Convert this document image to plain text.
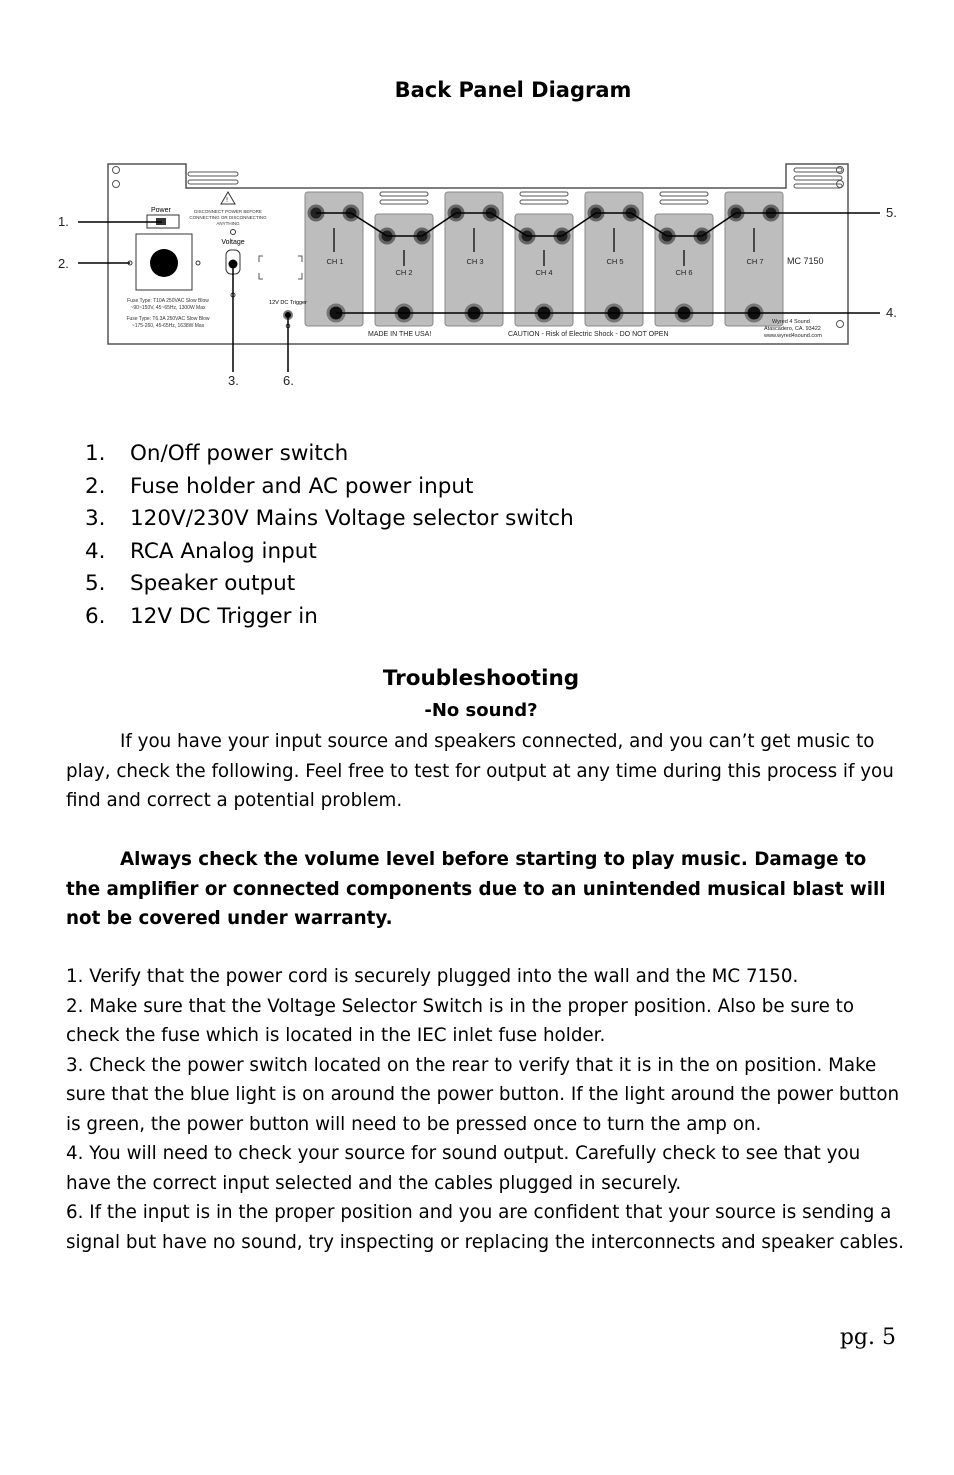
Back Panel Diagram
CH 1
CH 2
CH 3
CH 4
CH 5
CH 6
CH 7
Power
!
DISCONNECT POWER BEFORE
CONNECTING OR DISCONNECTING
ANYTHING
Fuse Type: T10A 250VAC Slow Blow
~90~150V, 45~65Hz, 1300W Max
Fuse Type: T6.3A 250VAC Slow Blow
~175-260, 45-65Hz, 1638W Max
Voltage
12V DC Trigger
MC 7150
MADE IN THE USA!	CAUTION - Risk of Electric Shock - DO NOT OPEN
Wyred 4 Sound
Atascadero, CA. 93422
www.wyred4sound.com
1.
2.
3.	6.
5.
4.
1. On/Off power switch
2. Fuse holder and AC power input
3. 120V/230V Mains Voltage selector switch
4. RCA Analog input
5. Speaker output
6. 12V DC Trigger in
Troubleshooting
-No sound?

If you have your input source and speakers connected, and you can’t get music to play, check the following. Feel free to test for output at any time during this process if you find and correct a potential problem.

Always check the volume level before starting to play music. Damage to the amplifier or connected components due to an unintended musical blast will not be covered under warranty.

1. Verify that the power cord is securely plugged into the wall and the MC 7150.
2. Make sure that the Voltage Selector Switch is in the proper position. Also be sure to check the fuse which is located in the IEC inlet fuse holder.
3. Check the power switch located on the rear to verify that it is in the on position. Make sure that the blue light is on around the power button. If the light around the power button is green, the power button will need to be pressed once to turn the amp on.
4. You will need to check your source for sound output. Carefully check to see that you have the correct input selected and the cables plugged in securely.
6. If the input is in the proper position and you are confident that your source is sending a signal but have no sound, try inspecting or replacing the interconnects and speaker cables.
pg. 5
